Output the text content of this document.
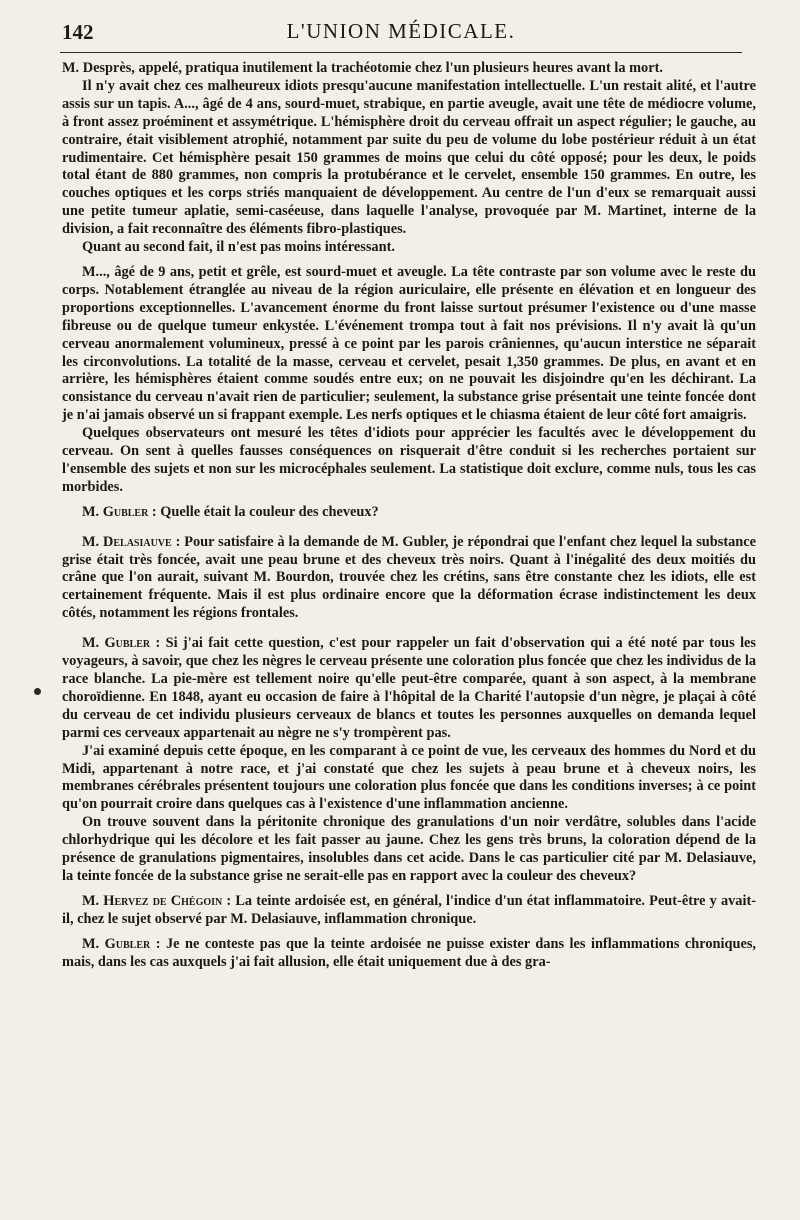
142	L'UNION MÉDICALE.

M. Desprès, appelé, pratiqua inutilement la trachéotomie chez l'un plusieurs heures avant la mort.

Il n'y avait chez ces malheureux idiots presqu'aucune manifestation intellectuelle. L'un restait alité, et l'autre assis sur un tapis. A..., âgé de 4 ans, sourd-muet, strabique, en partie aveugle, avait une tête de médiocre volume, à front assez proéminent et assymétrique. L'hémisphère droit du cerveau offrait un aspect régulier; le gauche, au contraire, était visiblement atrophié, notamment par suite du peu de volume du lobe postérieur réduit à un état rudimentaire. Cet hémisphère pesait 150 grammes de moins que celui du côté opposé; pour les deux, le poids total étant de 880 grammes, non compris la protubérance et le cervelet, ensemble 150 grammes. En outre, les couches optiques et les corps striés manquaient de développement. Au centre de l'un d'eux se remarquait aussi une petite tumeur aplatie, semi-caséeuse, dans laquelle l'analyse, provoquée par M. Martinet, interne de la division, a fait reconnaître des éléments fibro-plastiques.

Quant au second fait, il n'est pas moins intéressant.

M..., âgé de 9 ans, petit et grêle, est sourd-muet et aveugle. La tête contraste par son volume avec le reste du corps. Notablement étranglée au niveau de la région auriculaire, elle présente en élévation et en longueur des proportions exceptionnelles. L'avancement énorme du front laisse surtout présumer l'existence ou d'une masse fibreuse ou de quelque tumeur enkystée. L'événement trompa tout à fait nos prévisions. Il n'y avait là qu'un cerveau anormalement volumineux, pressé à ce point par les parois crâniennes, qu'aucun interstice ne séparait les circonvolutions. La totalité de la masse, cerveau et cervelet, pesait 1,350 grammes. De plus, en avant et en arrière, les hémisphères étaient comme soudés entre eux; on ne pouvait les disjoindre qu'en les déchirant. La consistance du cerveau n'avait rien de particulier; seulement, la substance grise présentait une teinte foncée dont je n'ai jamais observé un si frappant exemple. Les nerfs optiques et le chiasma étaient de leur côté fort amaigris.

Quelques observateurs ont mesuré les têtes d'idiots pour apprécier les facultés avec le développement du cerveau. On sent à quelles fausses conséquences on risquerait d'être conduit si les recherches portaient sur l'ensemble des sujets et non sur les microcéphales seulement. La statistique doit exclure, comme nuls, tous les cas morbides.

M. Gubler : Quelle était la couleur des cheveux?

M. Delasiauve : Pour satisfaire à la demande de M. Gubler, je répondrai que l'enfant chez lequel la substance grise était très foncée, avait une peau brune et des cheveux très noirs. Quant à l'inégalité des deux moitiés du crâne que l'on aurait, suivant M. Bourdon, trouvée chez les crétins, sans être constante chez les idiots, elle est certainement fréquente. Mais il est plus ordinaire encore que la déformation écrase indistinctement les deux côtés, notamment les régions frontales.

M. Gubler : Si j'ai fait cette question, c'est pour rappeler un fait d'observation qui a été noté par tous les voyageurs, à savoir, que chez les nègres le cerveau présente une coloration plus foncée que chez les individus de la race blanche. La pie-mère est tellement noire qu'elle peut-être comparée, quant à son aspect, à la membrane choroïdienne. En 1848, ayant eu occasion de faire à l'hôpital de la Charité l'autopsie d'un nègre, je plaçai à côté du cerveau de cet individu plusieurs cerveaux de blancs et toutes les personnes auxquelles on demanda lequel parmi ces cerveaux appartenait au nègre ne s'y trompèrent pas.

J'ai examiné depuis cette époque, en les comparant à ce point de vue, les cerveaux des hommes du Nord et du Midi, appartenant à notre race, et j'ai constaté que chez les sujets à peau brune et à cheveux noirs, les membranes cérébrales présentent toujours une coloration plus foncée que dans les conditions inverses; à ce point qu'on pourrait croire dans quelques cas à l'existence d'une inflammation ancienne.

On trouve souvent dans la péritonite chronique des granulations d'un noir verdâtre, solubles dans l'acide chlorhydrique qui les décolore et les fait passer au jaune. Chez les gens très bruns, la coloration dépend de la présence de granulations pigmentaires, insolubles dans cet acide. Dans le cas particulier cité par M. Delasiauve, la teinte foncée de la substance grise ne serait-elle pas en rapport avec la couleur des cheveux?

M. Hervez de Chégoin : La teinte ardoisée est, en général, l'indice d'un état inflammatoire. Peut-être y avait-il, chez le sujet observé par M. Delasiauve, inflammation chronique.

M. Gubler : Je ne conteste pas que la teinte ardoisée ne puisse exister dans les inflammations chroniques, mais, dans les cas auxquels j'ai fait allusion, elle était uniquement due à des gra-
